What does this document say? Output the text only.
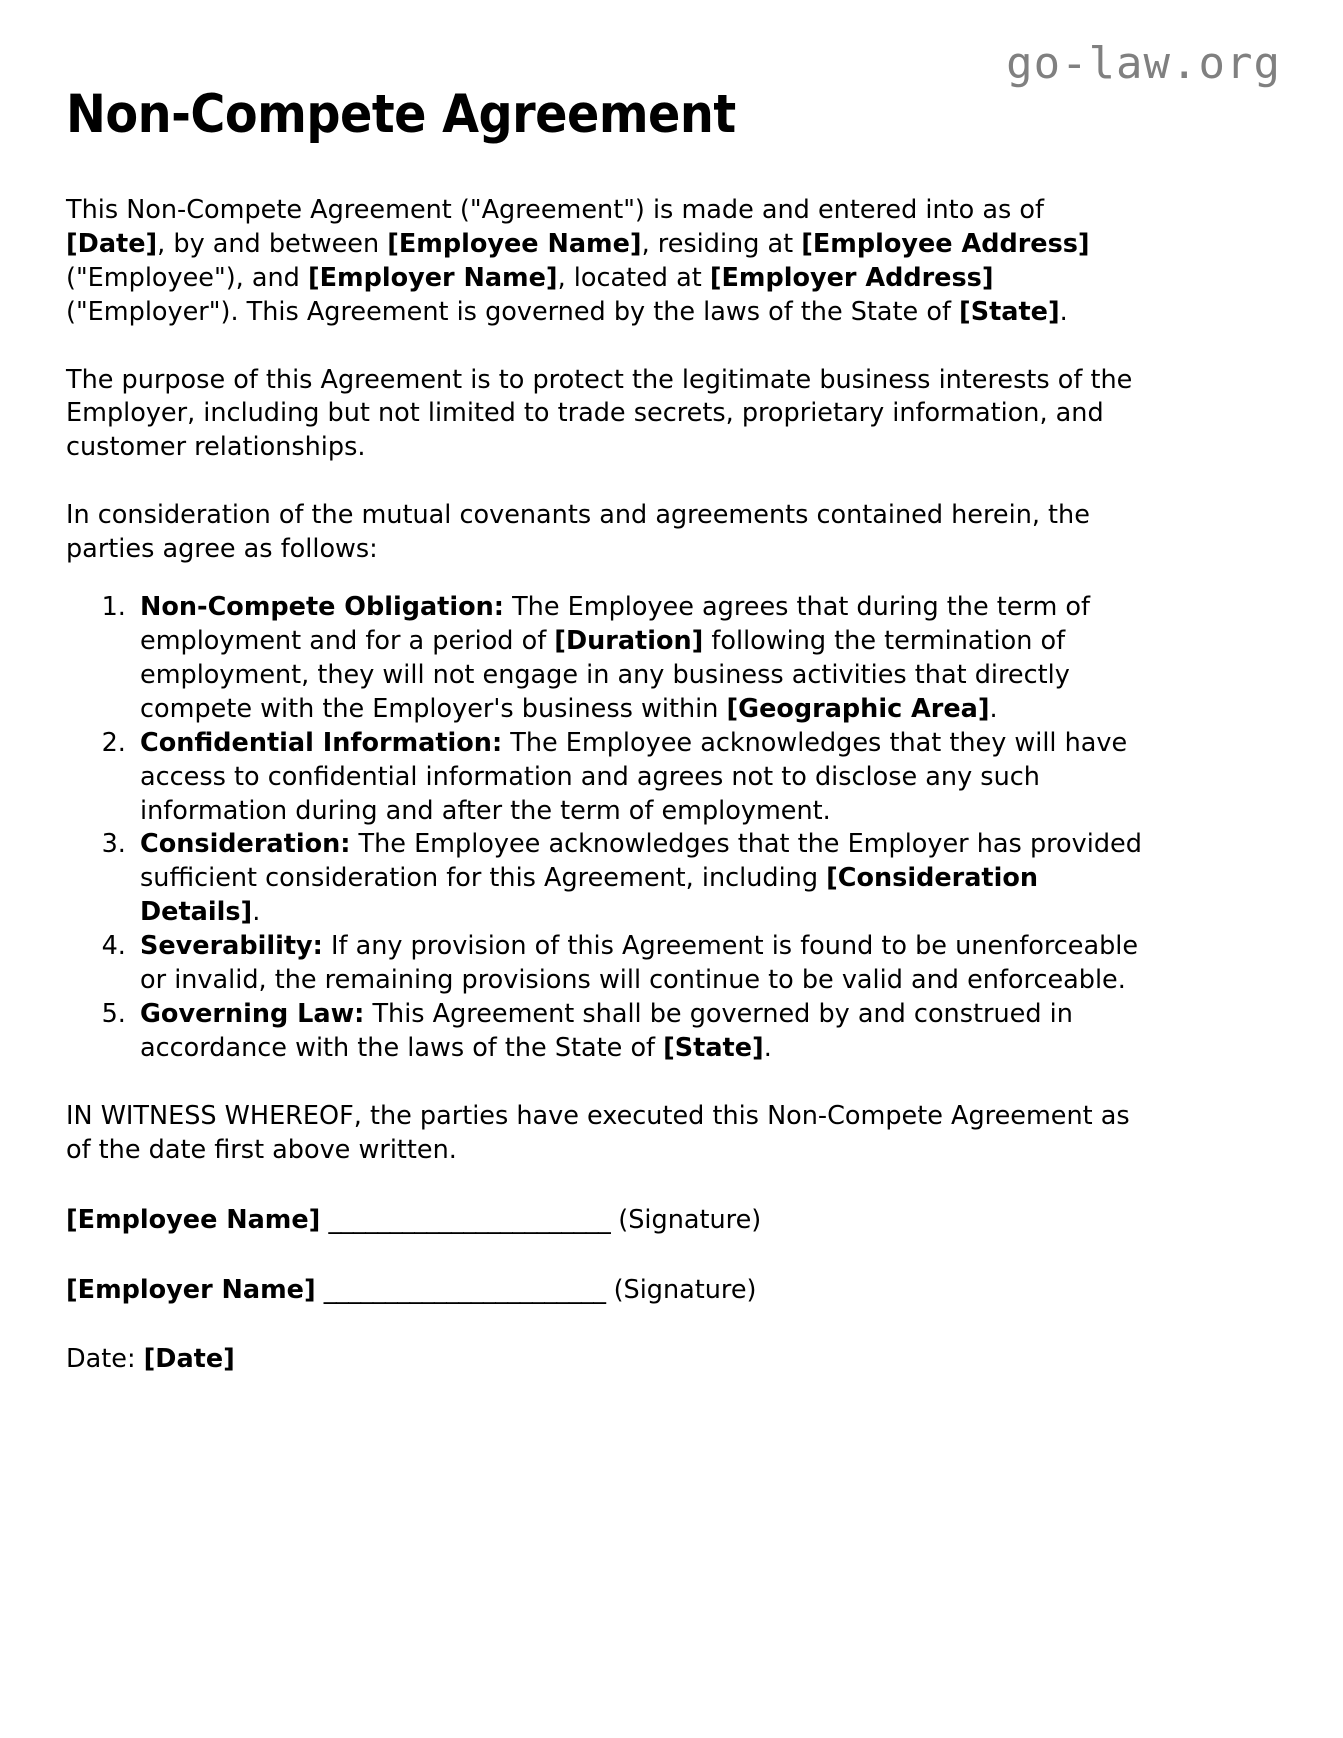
go-law.org
Non-Compete Agreement

This Non-Compete Agreement ("Agreement") is made and entered into as of [Date], by and between [Employee Name], residing at [Employee Address] ("Employee"), and [Employer Name], located at [Employer Address] ("Employer"). This Agreement is governed by the laws of the State of [State].

The purpose of this Agreement is to protect the legitimate business interests of the Employer, including but not limited to trade secrets, proprietary information, and customer relationships.

In consideration of the mutual covenants and agreements contained herein, the parties agree as follows:

1. Non-Compete Obligation: The Employee agrees that during the term of employment and for a period of [Duration] following the termination of employment, they will not engage in any business activities that directly compete with the Employer's business within [Geographic Area].
2. Confidential Information: The Employee acknowledges that they will have access to confidential information and agrees not to disclose any such information during and after the term of employment.
3. Consideration: The Employee acknowledges that the Employer has provided sufficient consideration for this Agreement, including [Consideration Details].
4. Severability: If any provision of this Agreement is found to be unenforceable or invalid, the remaining provisions will continue to be valid and enforceable.
5. Governing Law: This Agreement shall be governed by and construed in accordance with the laws of the State of [State].

IN WITNESS WHEREOF, the parties have executed this Non-Compete Agreement as of the date first above written.

[Employee Name] _______________________ (Signature)
[Employer Name] _______________________ (Signature)
Date: [Date]
